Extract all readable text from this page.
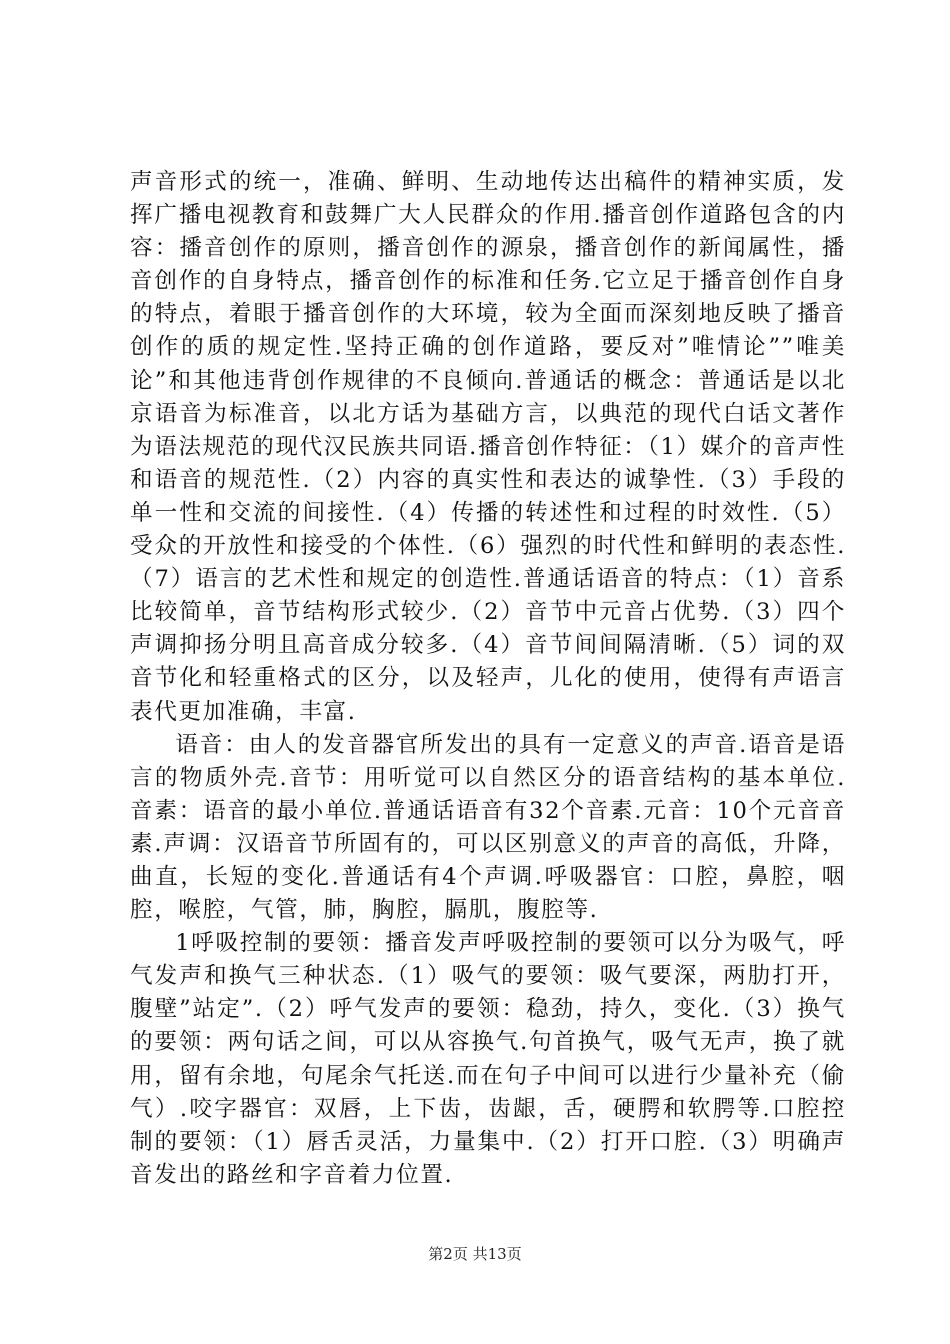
声音形式的统一，准确、鲜明、生动地传达出稿件的精神实质，发挥广播电视教育和鼓舞广大人民群众的作用.播音创作道路包含的内容：播音创作的原则，播音创作的源泉，播音创作的新闻属性，播音创作的自身特点，播音创作的标准和任务.它立足于播音创作自身的特点，着眼于播音创作的大环境，较为全面而深刻地反映了播音创作的质的规定性.坚持正确的创作道路，要反对”唯情论””唯美论”和其他违背创作规律的不良倾向.普通话的概念：普通话是以北京语音为标准音，以北方话为基础方言，以典范的现代白话文著作为语法规范的现代汉民族共同语.播音创作特征：（1）媒介的音声性和语音的规范性.（2）内容的真实性和表达的诚挚性.（3）手段的单一性和交流的间接性.（4）传播的转述性和过程的时效性.（5）受众的开放性和接受的个体性.（6）强烈的时代性和鲜明的表态性.（7）语言的艺术性和规定的创造性.普通话语音的特点：（1）音系比较简单，音节结构形式较少.（2）音节中元音占优势.（3）四个声调抑扬分明且高音成分较多.（4）音节间间隔清晰.（5）词的双音节化和轻重格式的区分，以及轻声，儿化的使用，使得有声语言表代更加准确，丰富.

语音：由人的发音器官所发出的具有一定意义的声音.语音是语言的物质外壳.音节：用听觉可以自然区分的语音结构的基本单位.音素：语音的最小单位.普通话语音有32个音素.元音：10个元音音素.声调：汉语音节所固有的，可以区别意义的声音的高低，升降，曲直，长短的变化.普通话有4个声调.呼吸器官：口腔，鼻腔，咽腔，喉腔，气管，肺，胸腔，膈肌，腹腔等.

1呼吸控制的要领：播音发声呼吸控制的要领可以分为吸气，呼气发声和换气三种状态.（1）吸气的要领：吸气要深，两肋打开，腹壁”站定”.（2）呼气发声的要领：稳劲，持久，变化.（3）换气的要领：两句话之间，可以从容换气.句首换气，吸气无声，换了就用，留有余地，句尾余气托送.而在句子中间可以进行少量补充（偷气）.咬字器官：双唇，上下齿，齿龈，舌，硬腭和软腭等.口腔控制的要领：（1）唇舌灵活，力量集中.（2）打开口腔.（3）明确声音发出的路丝和字音着力位置.

第2页 共13页
